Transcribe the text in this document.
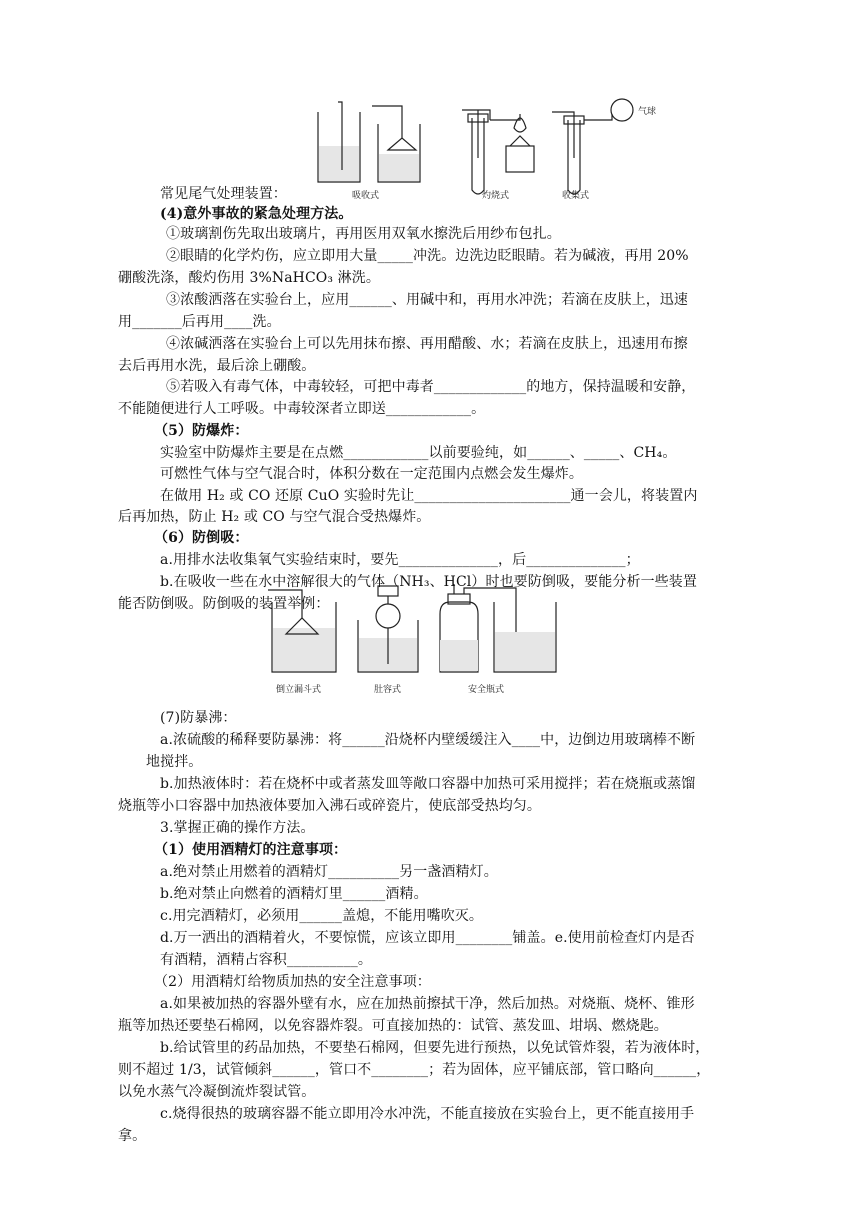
吸收式	灼烧式	收集式
气球
倒立漏斗式	肚容式	安全瓶式
常见尾气处理装置：
(4)意外事故的紧急处理方法。
①玻璃割伤先取出玻璃片，再用医用双氧水擦洗后用纱布包扎。
②眼睛的化学灼伤，应立即用大量_____冲洗。边洗边眨眼睛。若为碱液，再用 20%
硼酸洗涤，酸灼伤用 3%NaHCO₃ 淋洗。
③浓酸洒落在实验台上，应用______、用碱中和，再用水冲洗；若滴在皮肤上，迅速
用_______后再用____洗。
④浓碱洒落在实验台上可以先用抹布擦、再用醋酸、水；若滴在皮肤上，迅速用布擦
去后再用水洗，最后涂上硼酸。
⑤若吸入有毒气体，中毒较轻，可把中毒者_____________的地方，保持温暖和安静，
不能随便进行人工呼吸。中毒较深者立即送____________。
（5）防爆炸：
实验室中防爆炸主要是在点燃____________以前要验纯，如______、_____、CH₄。
可燃性气体与空气混合时，体积分数在一定范围内点燃会发生爆炸。
在做用 H₂ 或 CO 还原 CuO 实验时先让______________________通一会儿，将装置内
后再加热，防止 H₂ 或 CO 与空气混合受热爆炸。
（6）防倒吸：
a.用排水法收集氧气实验结束时，要先______________，后______________；
b.在吸收一些在水中溶解很大的气体（NH₃、HCl）时也要防倒吸，要能分析一些装置
能否防倒吸。防倒吸的装置举例：
(7)防暴沸：
a.浓硫酸的稀释要防暴沸：将______沿烧杯内壁缓缓注入____中，边倒边用玻璃棒不断
地搅拌。
b.加热液体时：若在烧杯中或者蒸发皿等敞口容器中加热可采用搅拌；若在烧瓶或蒸馏
烧瓶等小口容器中加热液体要加入沸石或碎瓷片，使底部受热均匀。
3.掌握正确的操作方法。
（1）使用酒精灯的注意事项：
a.绝对禁止用燃着的酒精灯__________另一盏酒精灯。
b.绝对禁止向燃着的酒精灯里______酒精。
c.用完酒精灯，必须用______盖熄，不能用嘴吹灭。
d.万一洒出的酒精着火，不要惊慌，应该立即用________铺盖。e.使用前检查灯内是否
有酒精，酒精占容积__________。
（2）用酒精灯给物质加热的安全注意事项：
a.如果被加热的容器外壁有水，应在加热前擦拭干净，然后加热。对烧瓶、烧杯、锥形
瓶等加热还要垫石棉网，以免容器炸裂。可直接加热的：试管、蒸发皿、坩埚、燃烧匙。
b.给试管里的药品加热，不要垫石棉网，但要先进行预热，以免试管炸裂，若为液体时，
则不超过 1/3，试管倾斜______，管口不________；若为固体，应平铺底部，管口略向______，
以免水蒸气冷凝倒流炸裂试管。
c.烧得很热的玻璃容器不能立即用冷水冲洗，不能直接放在实验台上，更不能直接用手
拿。
